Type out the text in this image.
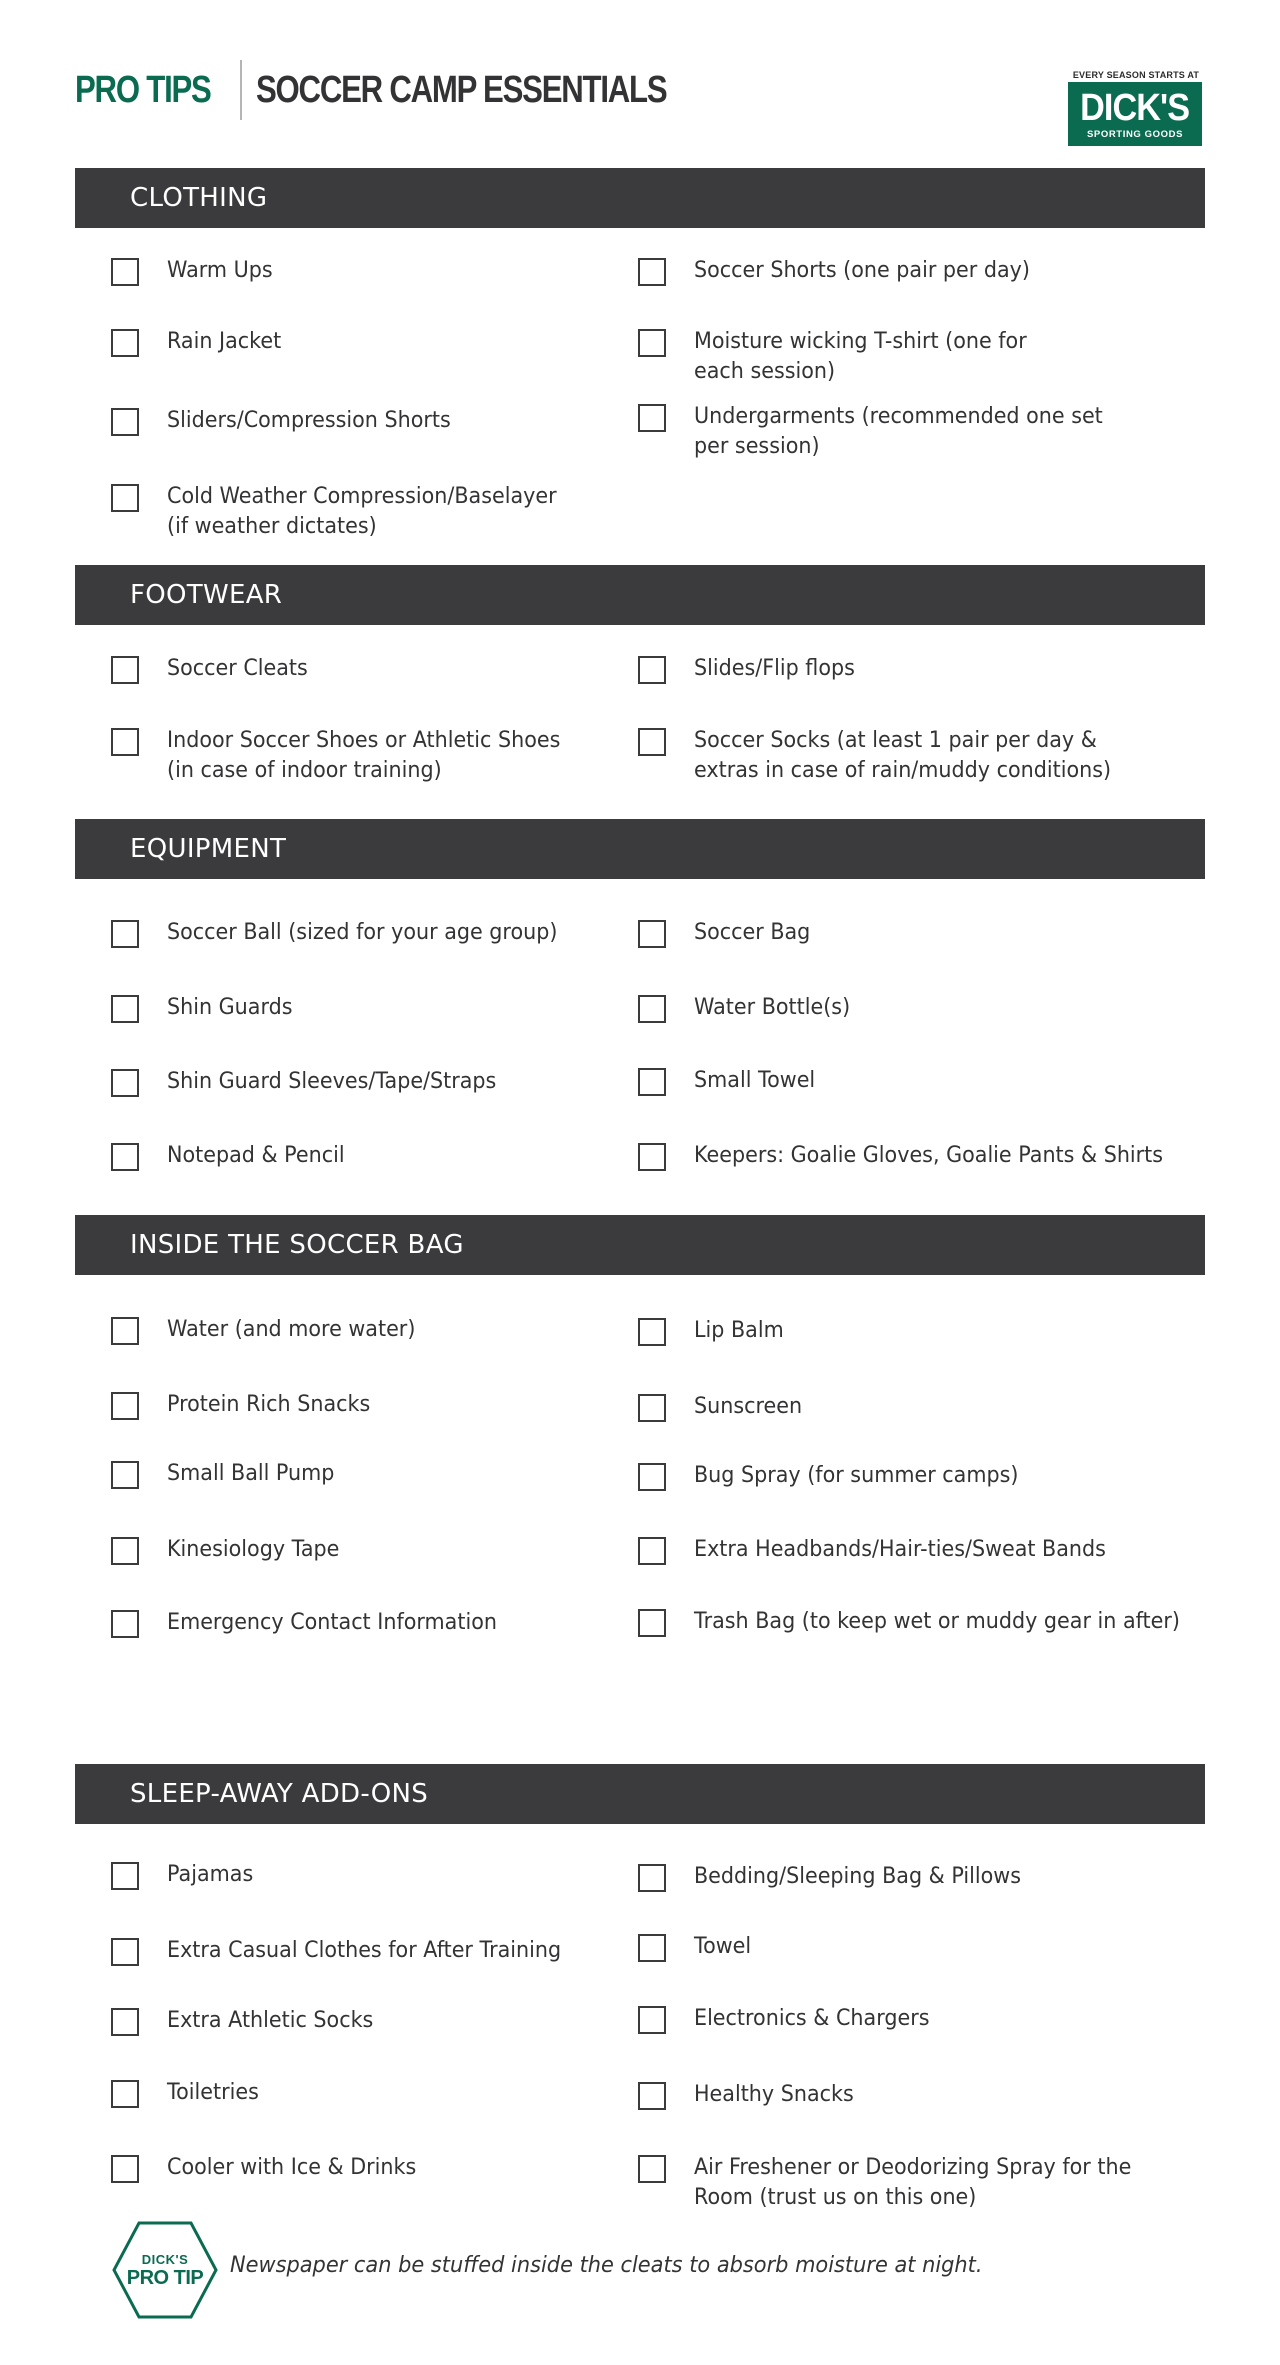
PRO TIPS SOCCER CAMP ESSENTIALS	EVERY SEASON STARTS AT
DICK'S
SPORTING GOODS
CLOTHING
Warm Ups	Soccer Shorts (one pair per day)
Rain Jacket	Moisture wicking T-shirt (one for
each session)
Sliders/Compression Shorts	Undergarments (recommended one set
per session)
Cold Weather Compression/Baselayer
(if weather dictates)
FOOTWEAR
Soccer Cleats	Slides/Flip flops
Indoor Soccer Shoes or Athletic Shoes
(in case of indoor training)
Soccer Socks (at least 1 pair per day &
extras in case of rain/muddy conditions)
EQUIPMENT
Soccer Ball (sized for your age group)	Soccer Bag
Shin Guards	Water Bottle(s)
Shin Guard Sleeves/Tape/Straps	Small Towel
Notepad & Pencil	Keepers: Goalie Gloves, Goalie Pants & Shirts
INSIDE THE SOCCER BAG
Water (and more water)	Lip Balm
Protein Rich Snacks	Sunscreen
Small Ball Pump	Bug Spray (for summer camps)
Kinesiology Tape	Extra Headbands/Hair-ties/Sweat Bands
Emergency Contact Information	Trash Bag (to keep wet or muddy gear in after)
SLEEP-AWAY ADD-ONS
Pajamas	Bedding/Sleeping Bag & Pillows
Extra Casual Clothes for After Training	Towel
Extra Athletic Socks	Electronics & Chargers
Toiletries	Healthy Snacks
Cooler with Ice & Drinks	Air Freshener or Deodorizing Spray for the
Room (trust us on this one)
DICK'S
PRO TIP Newspaper can be stuffed inside the cleats to absorb moisture at night.
